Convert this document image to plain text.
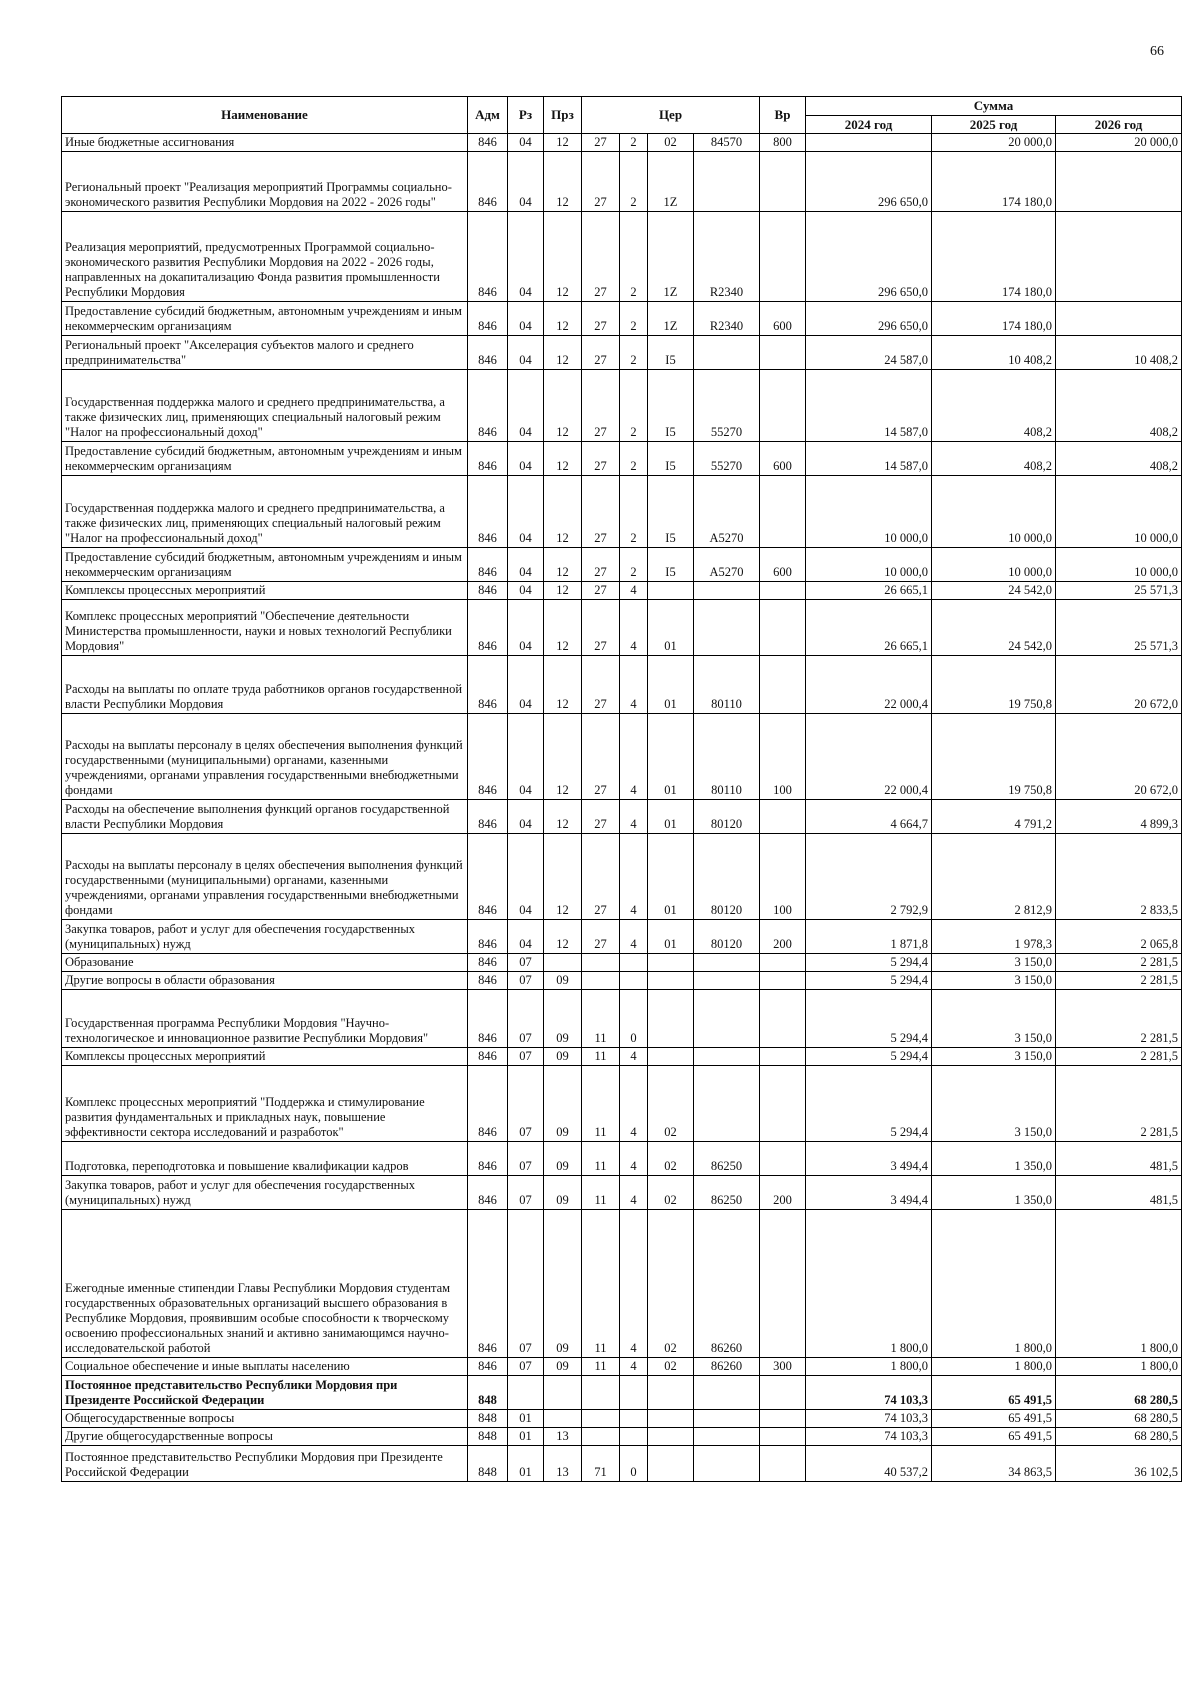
66
Наименование	Адм	Рз	Прз	Цер				Вр	Сумма		
									2024 год	2025 год	2026 год
Иные бюджетные ассигнования	846	04	12	27	2	02	84570	800		20 000,0	20 000,0
Региональный проект "Реализация мероприятий Программы социально-экономического развития Республики Мордовия на 2022 - 2026 годы"	846	04	12	27	2	1Z			296 650,0	174 180,0	
Реализация мероприятий, предусмотренных Программой социально-экономического развития Республики Мордовия на 2022 - 2026 годы, направленных на докапитализацию Фонда развития промышленности Республики Мордовия	846	04	12	27	2	1Z	R2340		296 650,0	174 180,0	
Предоставление субсидий бюджетным, автономным учреждениям и иным некоммерческим организациям	846	04	12	27	2	1Z	R2340	600	296 650,0	174 180,0	
Региональный проект "Акселерация субъектов малого и среднего предпринимательства"	846	04	12	27	2	I5			24 587,0	10 408,2	10 408,2
Государственная поддержка малого и среднего предпринимательства, а также физических лиц, применяющих специальный налоговый режим "Налог на профессиональный доход"	846	04	12	27	2	I5	55270		14 587,0	408,2	408,2
Предоставление субсидий бюджетным, автономным учреждениям и иным некоммерческим организациям	846	04	12	27	2	I5	55270	600	14 587,0	408,2	408,2
Государственная поддержка малого и среднего предпринимательства, а также физических лиц, применяющих специальный налоговый режим "Налог на профессиональный доход"	846	04	12	27	2	I5	A5270		10 000,0	10 000,0	10 000,0
Предоставление субсидий бюджетным, автономным учреждениям и иным некоммерческим организациям	846	04	12	27	2	I5	A5270	600	10 000,0	10 000,0	10 000,0
Комплексы процессных мероприятий	846	04	12	27	4				26 665,1	24 542,0	25 571,3
Комплекс процессных мероприятий "Обеспечение деятельности Министерства промышленности, науки и новых технологий Республики Мордовия"	846	04	12	27	4	01			26 665,1	24 542,0	25 571,3
Расходы на выплаты по оплате труда работников органов государственной власти Республики Мордовия	846	04	12	27	4	01	80110		22 000,4	19 750,8	20 672,0
Расходы на выплаты персоналу в целях обеспечения выполнения функций государственными (муниципальными) органами, казенными учреждениями, органами управления государственными внебюджетными фондами	846	04	12	27	4	01	80110	100	22 000,4	19 750,8	20 672,0
Расходы на обеспечение выполнения функций органов государственной власти Республики Мордовия	846	04	12	27	4	01	80120		4 664,7	4 791,2	4 899,3
Расходы на выплаты персоналу в целях обеспечения выполнения функций государственными (муниципальными) органами, казенными учреждениями, органами управления государственными внебюджетными фондами	846	04	12	27	4	01	80120	100	2 792,9	2 812,9	2 833,5
Закупка товаров, работ и услуг для обеспечения государственных (муниципальных) нужд	846	04	12	27	4	01	80120	200	1 871,8	1 978,3	2 065,8
Образование	846	07							5 294,4	3 150,0	2 281,5
Другие вопросы в области образования	846	07	09						5 294,4	3 150,0	2 281,5
Государственная программа Республики Мордовия "Научно-технологическое и инновационное развитие Республики Мордовия"	846	07	09	11	0				5 294,4	3 150,0	2 281,5
Комплексы процессных мероприятий	846	07	09	11	4				5 294,4	3 150,0	2 281,5
Комплекс процессных мероприятий "Поддержка и стимулирование развития фундаментальных и прикладных наук, повышение эффективности сектора исследований и разработок"	846	07	09	11	4	02			5 294,4	3 150,0	2 281,5
Подготовка, переподготовка и повышение квалификации кадров	846	07	09	11	4	02	86250		3 494,4	1 350,0	481,5
Закупка товаров, работ и услуг для обеспечения государственных (муниципальных) нужд	846	07	09	11	4	02	86250	200	3 494,4	1 350,0	481,5
Ежегодные именные стипендии Главы Республики Мордовия студентам государственных образовательных организаций высшего образования в Республике Мордовия, проявившим особые способности к творческому освоению профессиональных знаний и активно занимающимся научно-исследовательской работой	846	07	09	11	4	02	86260		1 800,0	1 800,0	1 800,0
Социальное обеспечение и иные выплаты населению	846	07	09	11	4	02	86260	300	1 800,0	1 800,0	1 800,0
Постоянное представительство Республики Мордовия при Президенте Российской Федерации	848								74 103,3	65 491,5	68 280,5
Общегосударственные вопросы	848	01							74 103,3	65 491,5	68 280,5
Другие общегосударственные вопросы	848	01	13						74 103,3	65 491,5	68 280,5
Постоянное представительство Республики Мордовия при Президенте Российской Федерации	848	01	13	71	0				40 537,2	34 863,5	36 102,5
